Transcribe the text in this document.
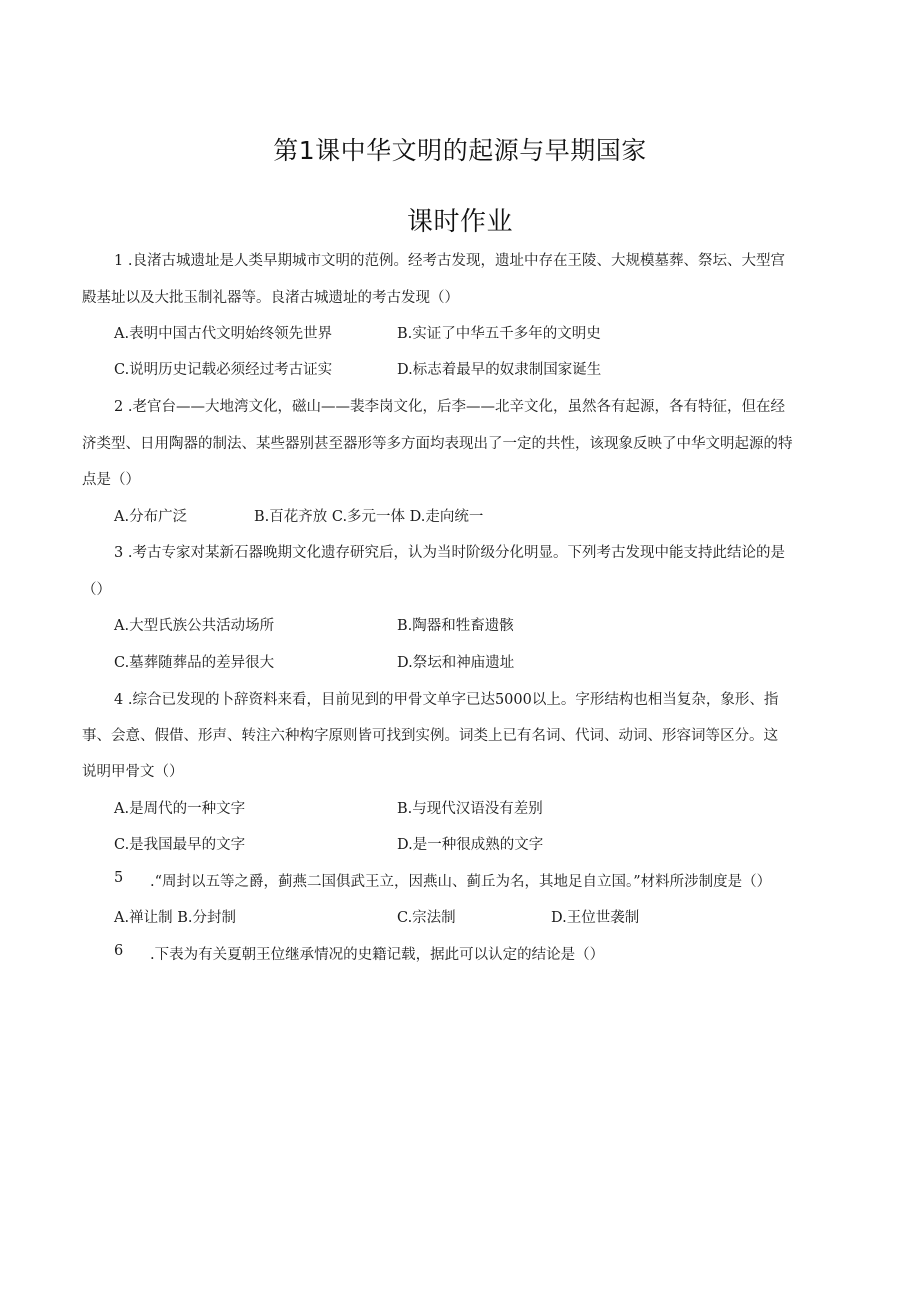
第1课中华文明的起源与早期国家
课时作业
1 .良渚古城遗址是人类早期城市文明的范例。经考古发现，遗址中存在王陵、大规模墓葬、祭坛、大型宫
殿基址以及大批玉制礼器等。良渚古城遗址的考古发现（）
A.表明中国古代文明始终领先世界	B.实证了中华五千多年的文明史
C.说明历史记载必须经过考古证实	D.标志着最早的奴隶制国家诞生
2 .老官台——大地湾文化，磁山——裴李岗文化，后李——北辛文化，虽然各有起源，各有特征，但在经
济类型、日用陶器的制法、某些器别甚至器形等多方面均表现出了一定的共性，该现象反映了中华文明起源的特
点是（）
A.分布广泛	B.百花齐放 C.多元一体 D.走向统一
3 .考古专家对某新石器晚期文化遗存研究后，认为当时阶级分化明显。下列考古发现中能支持此结论的是
（）
A.大型氏族公共活动场所	B.陶器和牲畜遗骸
C.墓葬随葬品的差异很大	D.祭坛和神庙遗址
4 .综合已发现的卜辞资料来看，目前见到的甲骨文单字已达5000以上。字形结构也相当复杂，象形、指
事、会意、假借、形声、转注六种构字原则皆可找到实例。词类上已有名词、代词、动词、形容词等区分。这
说明甲骨文（）
A.是周代的一种文字	B.与现代汉语没有差别
C.是我国最早的文字	D.是一种很成熟的文字
5 .“周封以五等之爵，蓟燕二国俱武王立，因燕山、蓟丘为名，其地足自立国。”材料所涉制度是（）
A.禅让制 B.分封制	C.宗法制	D.王位世袭制
6 .下表为有关夏朝王位继承情况的史籍记载，据此可以认定的结论是（）
